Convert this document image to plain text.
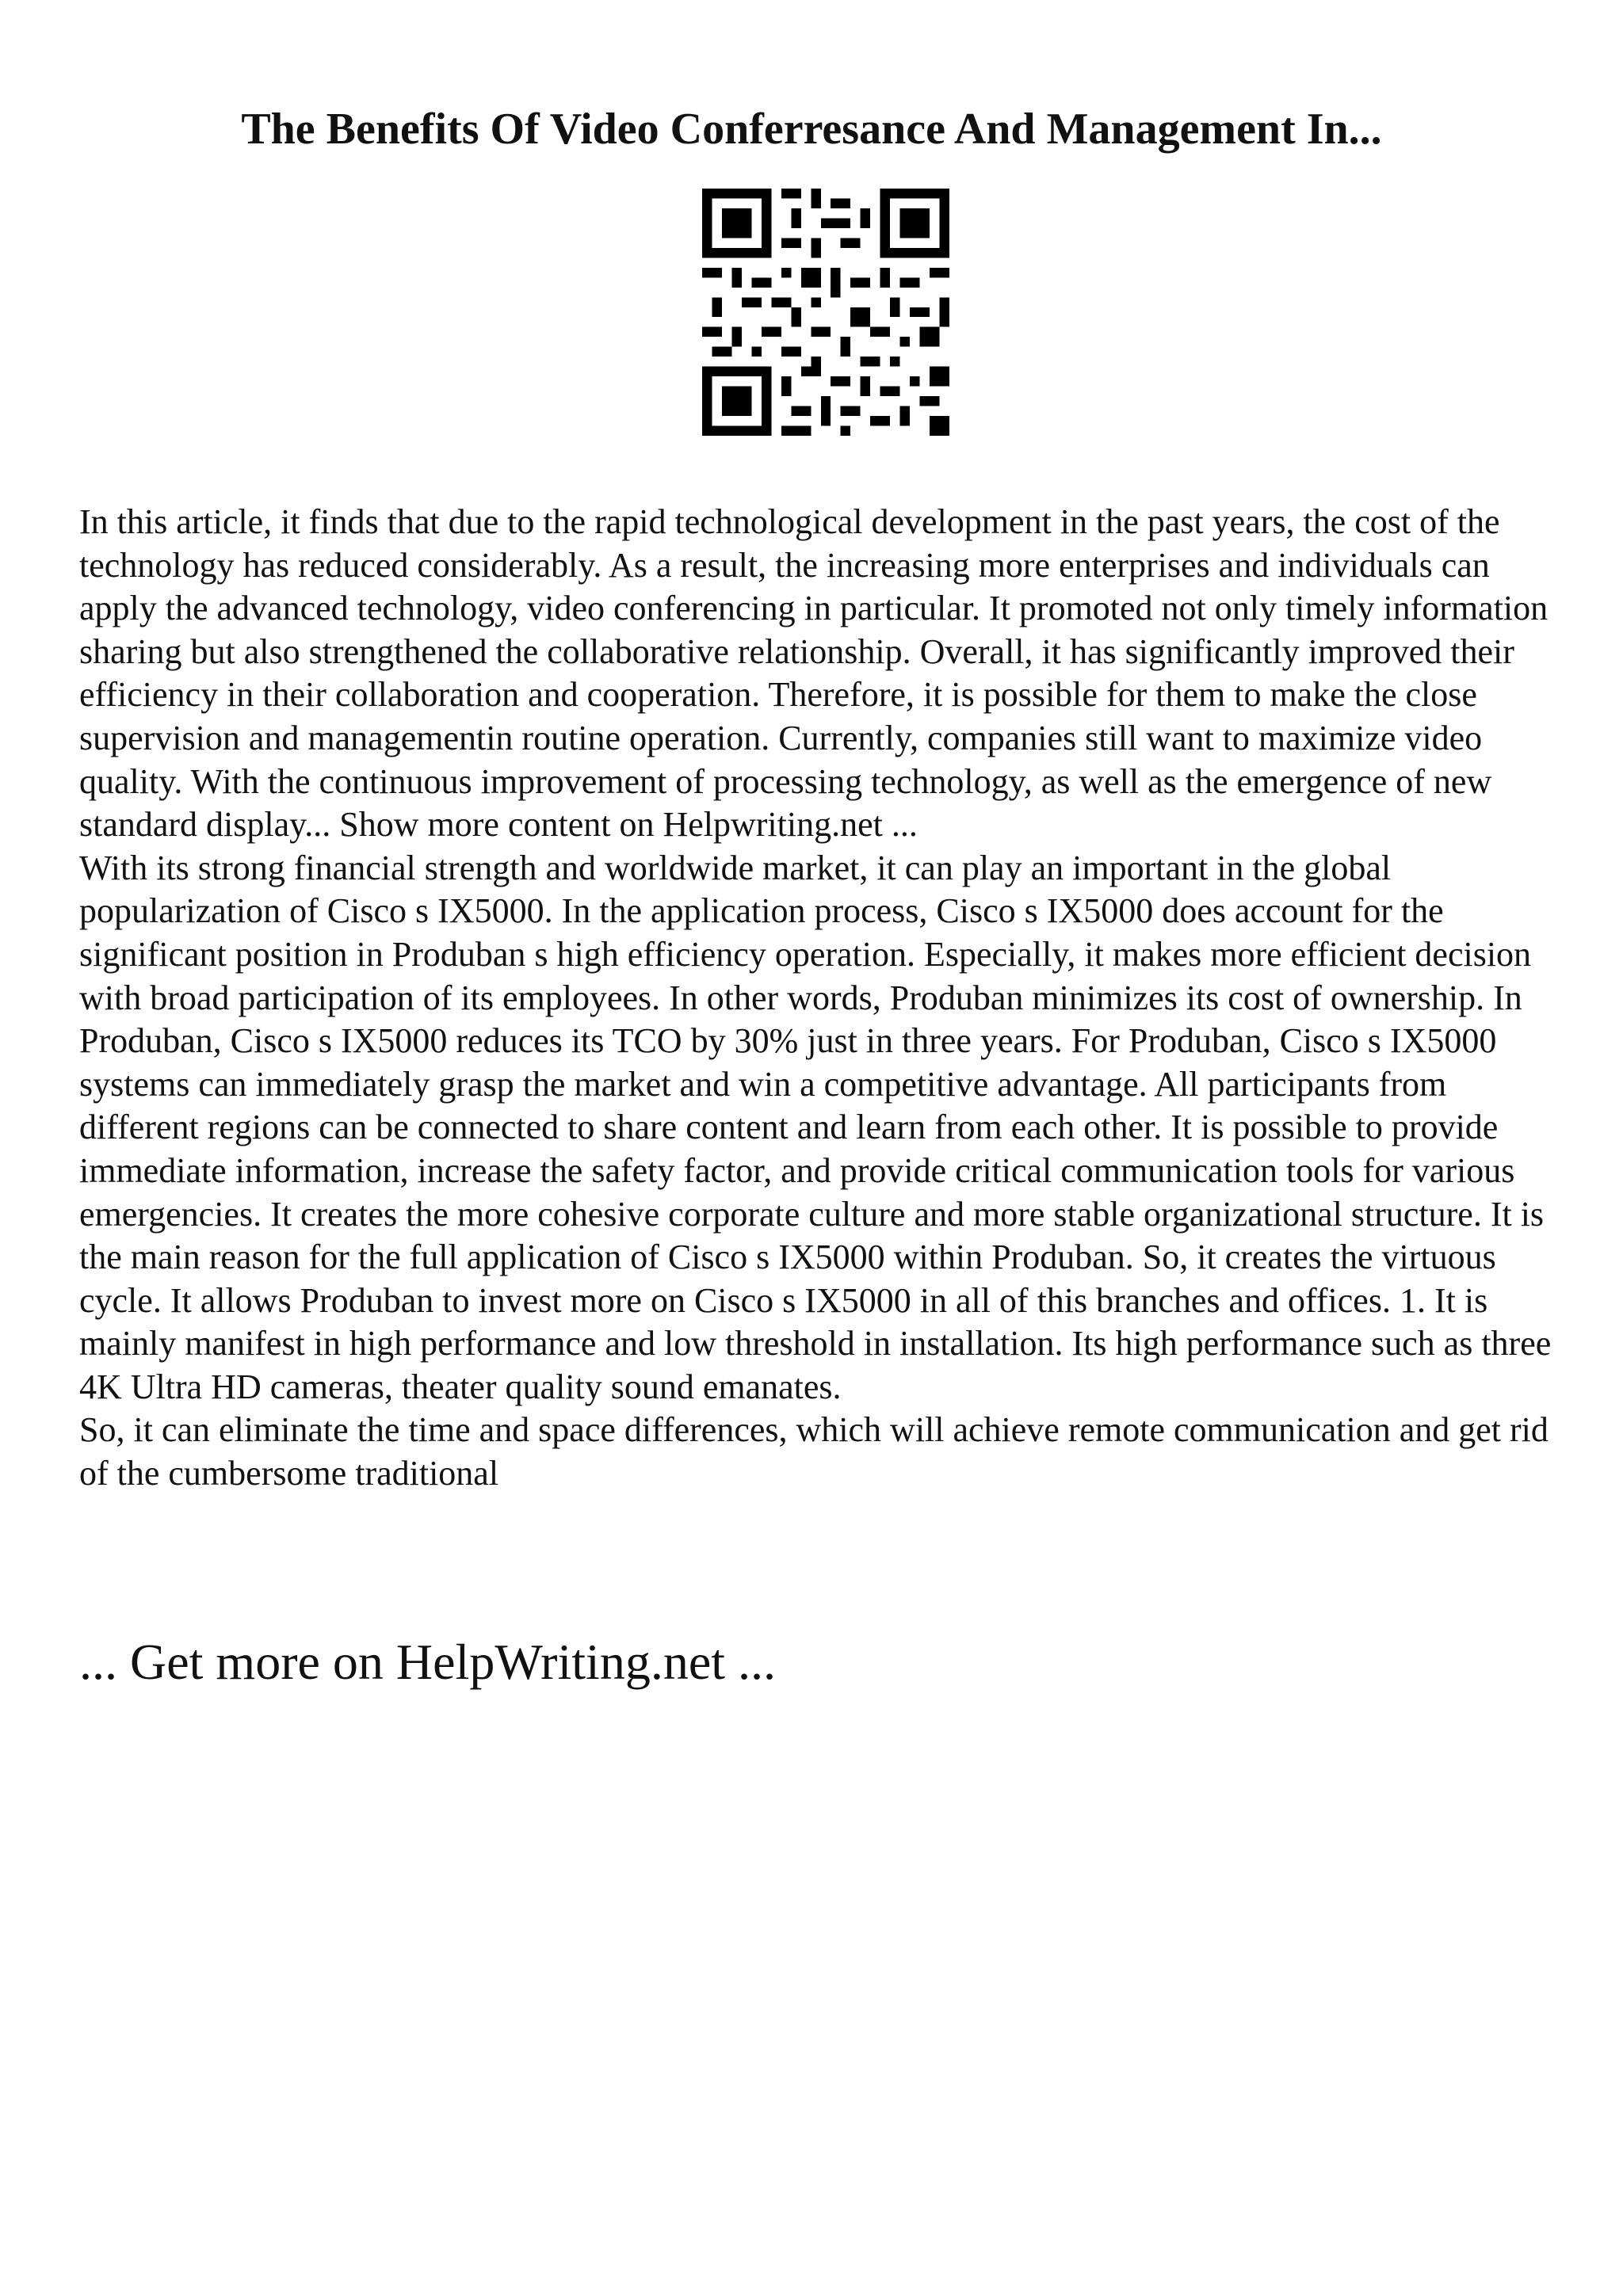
The Benefits Of Video Conferresance And Management In...

In this article, it finds that due to the rapid technological development in the past years, the cost of the technology has reduced considerably. As a result, the increasing more enterprises and individuals can apply the advanced technology, video conferencing in particular. It promoted not only timely information sharing but also strengthened the collaborative relationship. Overall, it has significantly improved their efficiency in their collaboration and cooperation. Therefore, it is possible for them to make the close supervision and managementin routine operation. Currently, companies still want to maximize video quality. With the continuous improvement of processing technology, as well as the emergence of new standard display... Show more content on Helpwriting.net ...

With its strong financial strength and worldwide market, it can play an important in the global popularization of Cisco s IX5000. In the application process, Cisco s IX5000 does account for the significant position in Produban s high efficiency operation. Especially, it makes more efficient decision with broad participation of its employees. In other words, Produban minimizes its cost of ownership. In Produban, Cisco s IX5000 reduces its TCO by 30% just in three years. For Produban, Cisco s IX5000 systems can immediately grasp the market and win a competitive advantage. All participants from different regions can be connected to share content and learn from each other. It is possible to provide immediate information, increase the safety factor, and provide critical communication tools for various emergencies. It creates the more cohesive corporate culture and more stable organizational structure. It is the main reason for the full application of Cisco s IX5000 within Produban. So, it creates the virtuous cycle. It allows Produban to invest more on Cisco s IX5000 in all of this branches and offices. 1. It is mainly manifest in high performance and low threshold in installation. Its high performance such as three 4K Ultra HD cameras, theater quality sound emanates.

So, it can eliminate the time and space differences, which will achieve remote communication and get rid of the cumbersome traditional

... Get more on HelpWriting.net ...
